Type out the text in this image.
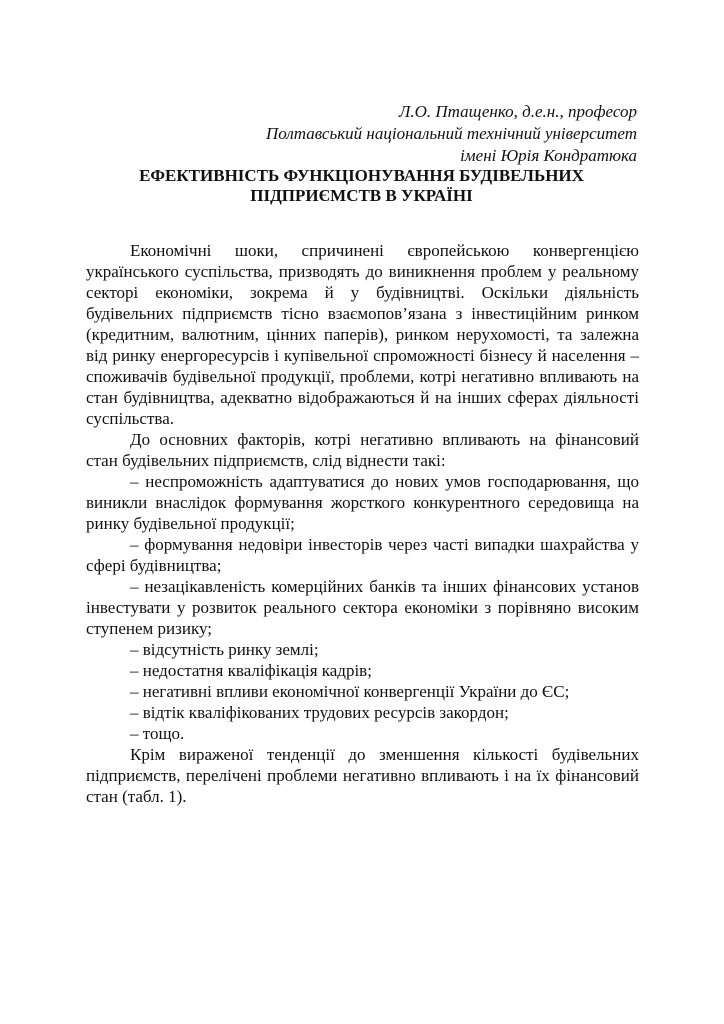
Л.О. Птащенко, д.е.н., професор
Полтавський національний технічний університет
імені Юрія Кондратюка
ЕФЕКТИВНІСТЬ ФУНКЦІОНУВАННЯ БУДІВЕЛЬНИХ
ПІДПРИЄМСТВ В УКРАЇНІ

Економічні шоки, спричинені європейською конвергенцією українського суспільства, призводять до виникнення проблем у реальному секторі економіки, зокрема й у будівництві. Оскільки діяльність будівельних підприємств тісно взаємопов’язана з інвестиційним ринком (кредитним, валютним, цінних паперів), ринком нерухомості, та залежна від ринку енергоресурсів і купівельної спроможності бізнесу й населення – споживачів будівельної продукції, проблеми, котрі негативно впливають на стан будівництва, адекватно відображаються й на інших сферах діяльності суспільства.

До основних факторів, котрі негативно впливають на фінансовий стан будівельних підприємств, слід віднести такі:

– неспроможність адаптуватися до нових умов господарювання, що виникли внаслідок формування жорсткого конкурентного середовища на ринку будівельної продукції;

– формування недовіри інвесторів через часті випадки шахрайства у сфері будівництва;

– незацікавленість комерційних банків та інших фінансових установ інвестувати у розвиток реального сектора економіки з порівняно високим ступенем ризику;

– відсутність ринку землі;

– недостатня кваліфікація кадрів;

– негативні впливи економічної конвергенції України до ЄС;

– відтік кваліфікованих трудових ресурсів закордон;

– тощо.

Крім вираженої тенденції до зменшення кількості будівельних підприємств, перелічені проблеми негативно впливають і на їх фінансовий стан (табл. 1).
